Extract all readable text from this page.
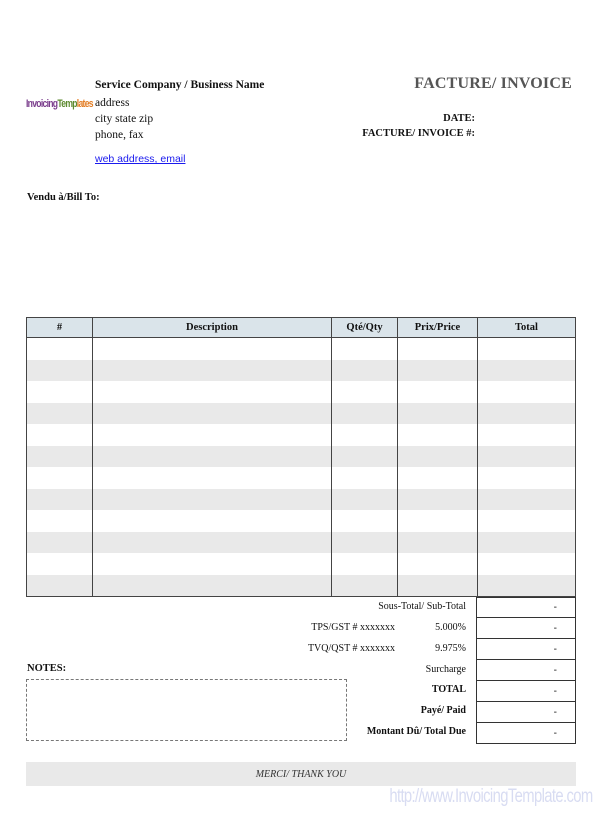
InvoicingTemplates
Service Company / Business Name
address
city state zip
phone, fax
web address, email
FACTURE/ INVOICE
DATE:
FACTURE/ INVOICE #:
Vendu à/Bill To:
#	Description	Qté/Qty	Prix/Price	Total
Sous-Total/ Sub-Total	-
TPS/GST # xxxxxxx	5.000%	-
TVQ/QST # xxxxxxx	9.975%	-
Surcharge	-
TOTAL	-
Payé/ Paid	-
Montant Dû/ Total Due	-
NOTES:
MERCI/ THANK YOU
http://www.InvoicingTemplate.com
